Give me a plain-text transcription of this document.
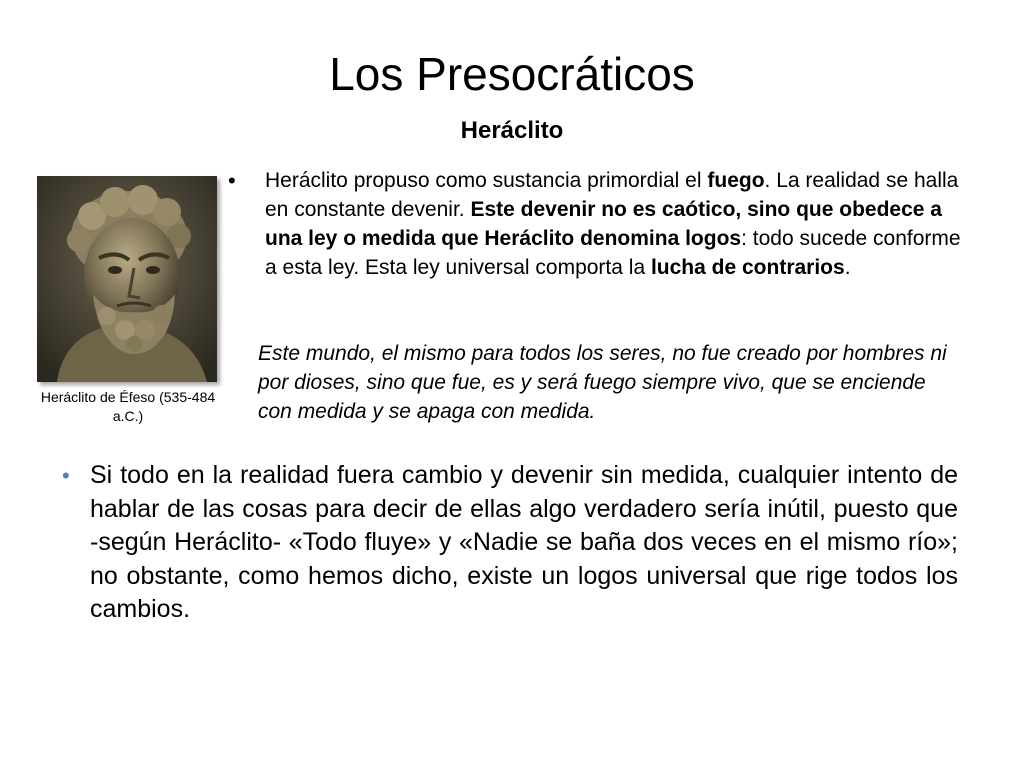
Los Presocráticos
Heráclito
Heráclito de Éfeso (535-484 a.C.)
• Heráclito propuso como sustancia primordial el fuego. La realidad se halla en constante devenir. Este devenir no es caótico, sino que obedece a una ley o medida que Heráclito denomina logos: todo sucede conforme a esta ley. Esta ley universal comporta la lucha de contrarios.
Este mundo, el mismo para todos los seres, no fue creado por hombres ni por dioses, sino que fue, es y será fuego siempre vivo, que se enciende con medida y se apaga con medida.
• Si todo en la realidad fuera cambio y devenir sin medida, cualquier intento de hablar de las cosas para decir de ellas algo verdadero sería inútil, puesto que -según Heráclito- «Todo fluye» y «Nadie se baña dos veces en el mismo río»; no obstante, como hemos dicho, existe un logos universal que rige todos los cambios.
